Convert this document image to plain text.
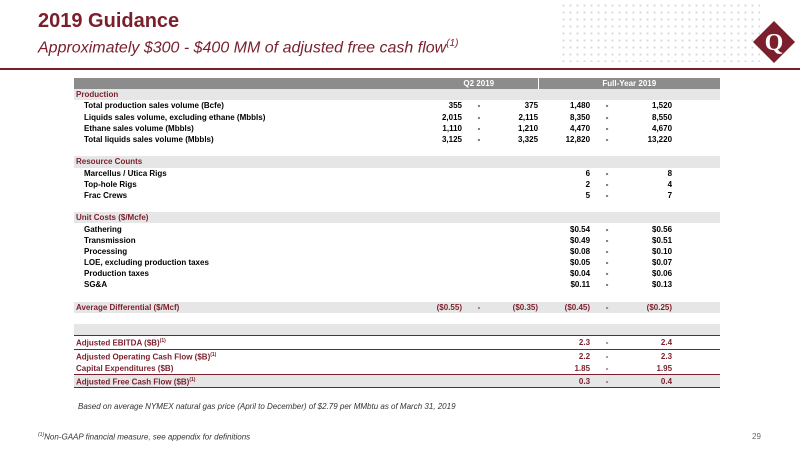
2019 Guidance
Approximately $300 - $400 MM of adjusted free cash flow$^{(1)}$	Q
	Q2 2019			Full-Year 2019			
Production							
Total production sales volume (Bcfe)	355	-	375	1,480	-	1,520	
Liquids sales volume, excluding ethane (Mbbls)	2,015	-	2,115	8,350	-	8,550	
Ethane sales volume (Mbbls)	1,110	-	1,210	4,470	-	4,670	
Total liquids sales volume (Mbbls)	3,125	-	3,325	12,820	-	13,220	

Resource Counts							
Marcellus / Utica Rigs				6	-	8	
Top-hole Rigs				2	-	4	
Frac Crews				5	-	7	

Unit Costs ($/Mcfe)							
Gathering				$0.54	-	$0.56	
Transmission				$0.49	-	$0.51	
Processing				$0.08	-	$0.10	
LOE, excluding production taxes				$0.05	-	$0.07	
Production taxes				$0.04	-	$0.06	
SG&A				$0.11	-	$0.13	

Average Differential ($/Mcf)	($0.55)	-	($0.35)	($0.45)	-	($0.25)	

Adjusted EBITDA ($B)$^{(1)}$				2.3	-	2.4	
Adjusted Operating Cash Flow ($B)$^{(1)}$				2.2	-	2.3	
Capital Expenditures ($B)				1.85	-	1.95	
Adjusted Free Cash Flow ($B)$^{(1)}$				0.3	-	0.4	
Based on average NYMEX natural gas price (April to December) of $2.79 per MMbtu as of March 31, 2019
$^{(1)}$Non-GAAP financial measure, see appendix for definitions	29
